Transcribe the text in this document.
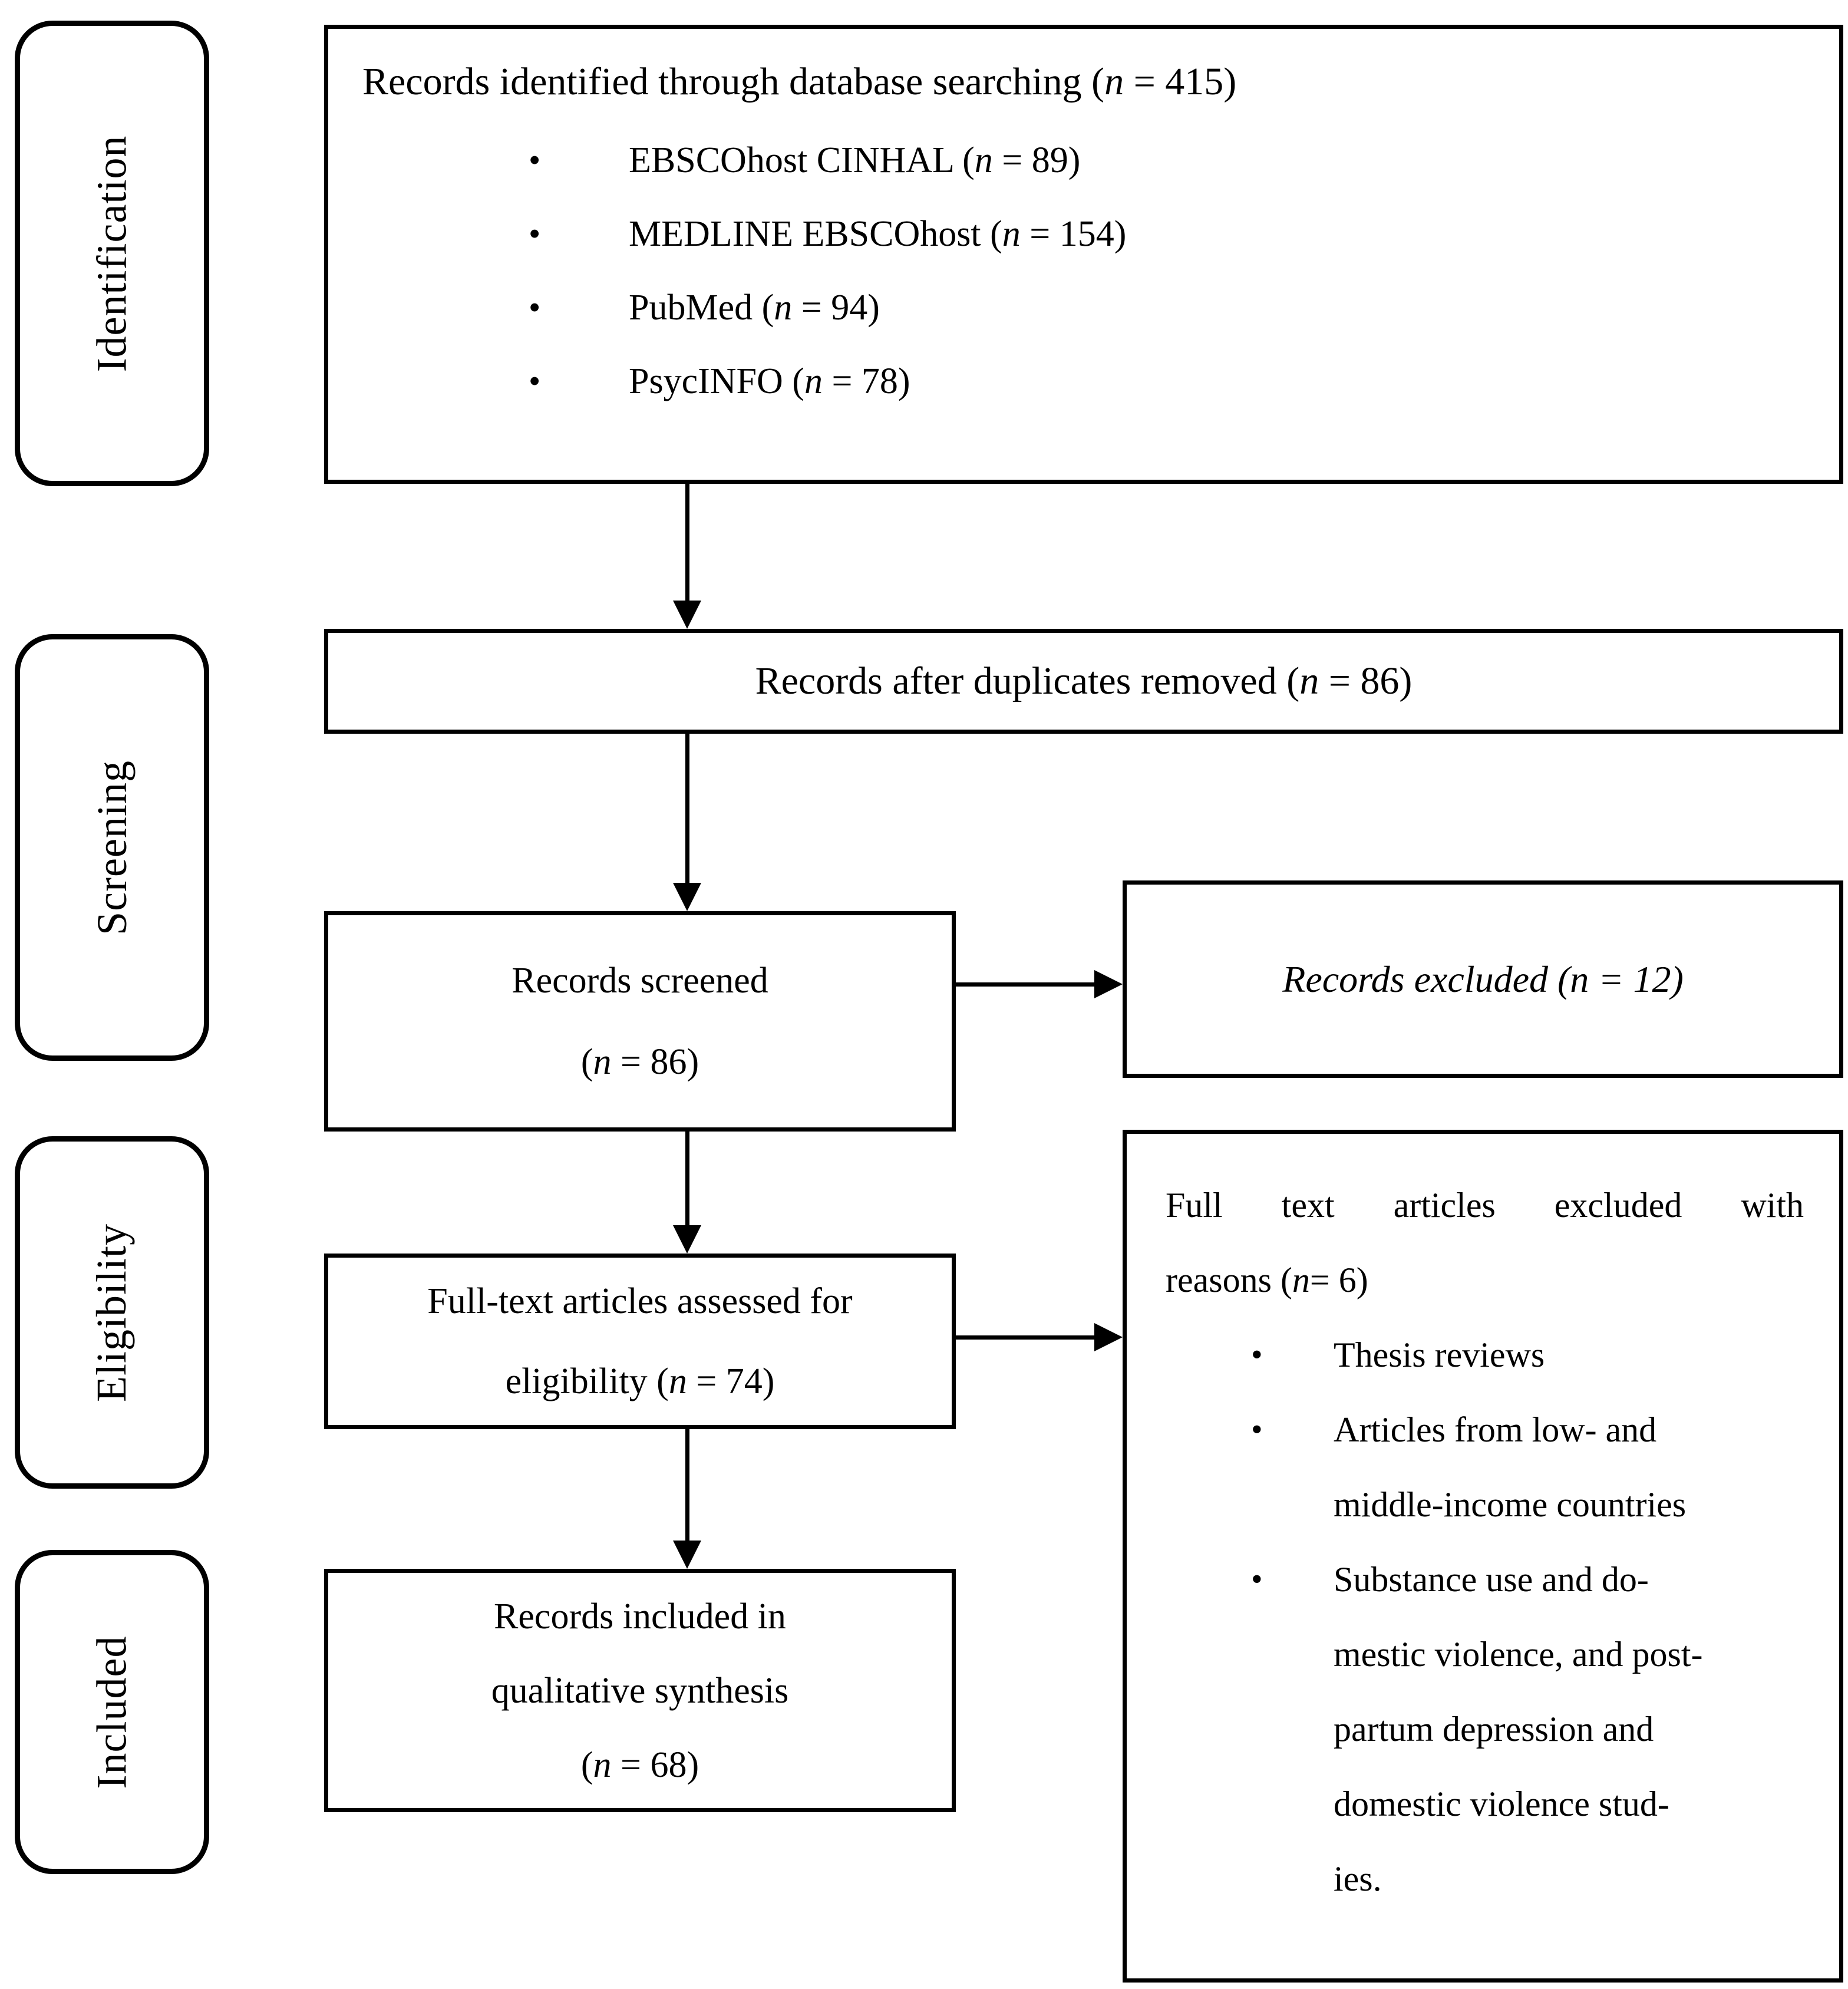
Identification
Screening
Eligibility
Included
Records identified through database searching (n = 415)
•	EBSCOhost CINHAL (n = 89)
•	MEDLINE EBSCOhost (n = 154)
•	PubMed (n = 94)
•	PsycINFO (n = 78)
Records after duplicates removed (n = 86)
Records screened
(n = 86)
Records excluded (n = 12)
Full-text articles assessed for
eligibility (n = 74)
Full text articles excluded with
reasons (n= 6)
•	Thesis reviews
•	Articles from low- and
middle-income countries
•	Substance use and do-
mestic violence, and post-
partum depression and
domestic violence stud-
ies.
Records included in
qualitative synthesis
(n = 68)
